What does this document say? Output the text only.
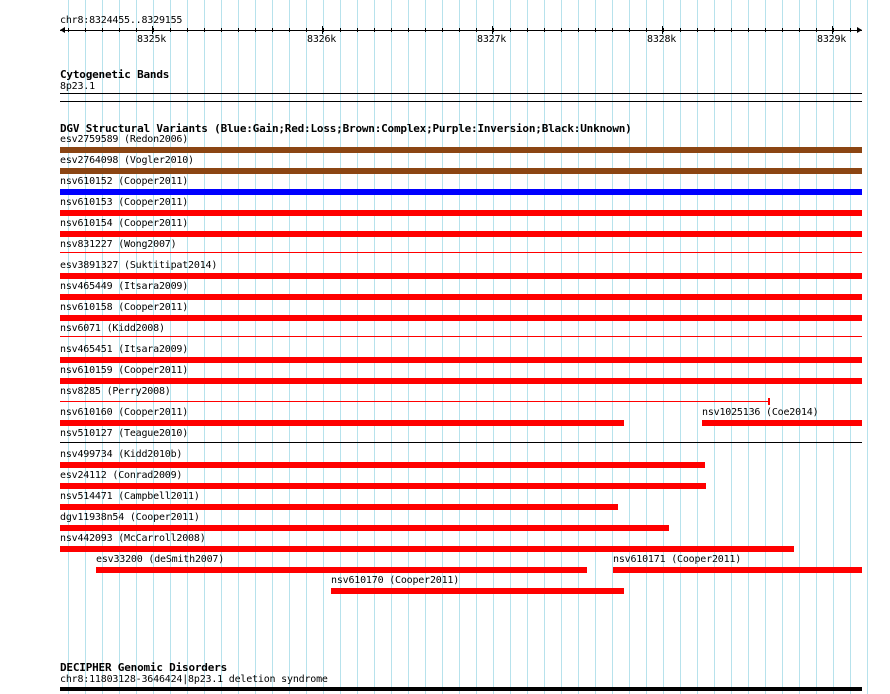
chr8:8324455..8329155
8325k	8326k	8327k	8328k	8329k
Cytogenetic Bands
8p23.1
DGV Structural Variants (Blue:Gain;Red:Loss;Brown:Complex;Purple:Inversion;Black:Unknown)
esv2759589 (Redon2006)
esv2764098 (Vogler2010)
nsv610152 (Cooper2011)
nsv610153 (Cooper2011)
nsv610154 (Cooper2011)
nsv831227 (Wong2007)
esv3891327 (Suktitipat2014)
nsv465449 (Itsara2009)
nsv610158 (Cooper2011)
nsv6071 (Kidd2008)
nsv465451 (Itsara2009)
nsv610159 (Cooper2011)
nsv8285 (Perry2008)
nsv610160 (Cooper2011)	nsv1025136 (Coe2014)
nsv510127 (Teague2010)
nsv499734 (Kidd2010b)
esv24112 (Conrad2009)
nsv514471 (Campbell2011)
dgv11938n54 (Cooper2011)
nsv442093 (McCarroll2008)
esv33200 (deSmith2007)	nsv610171 (Cooper2011)
nsv610170 (Cooper2011)
DECIPHER Genomic Disorders
chr8:11803128-3646424|8p23.1 deletion syndrome
